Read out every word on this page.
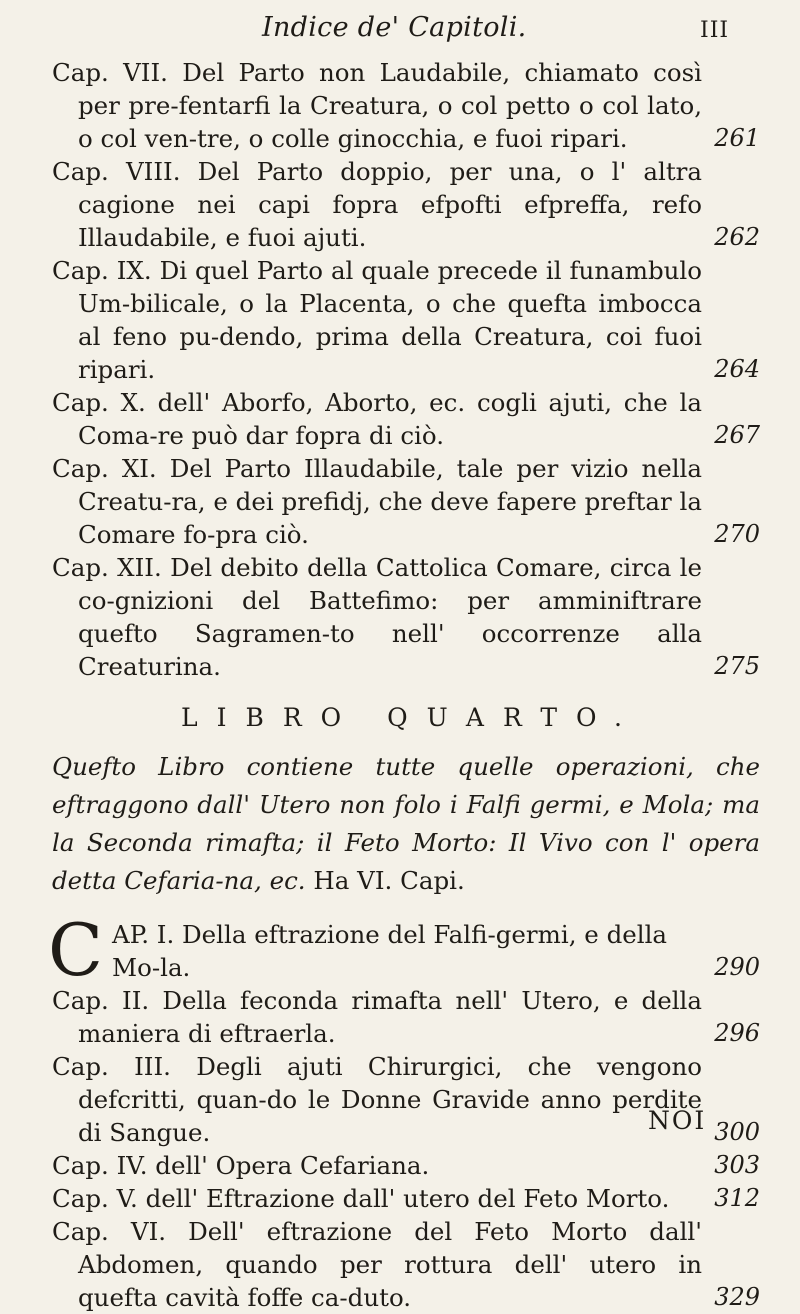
Indice de' Capitoli.	III

Cap. VII. Del Parto non Laudabile, chiamato così per pre-fentarfi la Creatura, o col petto o col lato, o col ven-tre, o colle ginocchia, e fuoi ripari.	261

Cap. VIII. Del Parto doppio, per una, o l' altra cagione nei capi fopra efpofti efpreffa, refo Illaudabile, e fuoi ajuti.	262

Cap. IX. Di quel Parto al quale precede il funambulo Um-bilicale, o la Placenta, o che quefta imbocca al feno pu-dendo, prima della Creatura, coi fuoi ripari.	264

Cap. X. dell' Aborfo, Aborto, ec. cogli ajuti, che la Coma-re può dar fopra di ciò.	267

Cap. XI. Del Parto Illaudabile, tale per vizio nella Creatu-ra, e dei prefidj, che deve fapere preftar la Comare fo-pra ciò.	270

Cap. XII. Del debito della Cattolica Comare, circa le co-gnizioni del Battefimo: per amminiftrare quefto Sagramen-to nell' occorrenze alla Creaturina.	275

LIBRO QUARTO.

Quefto Libro contiene tutte quelle operazioni, che eftraggono dall' Utero non folo i Falfi germi, e Mola; ma la Seconda rimafta; il Feto Morto: Il Vivo con l' opera detta Cefaria-na, ec. Ha VI. Capi.

C AP. I. Della eftrazione del Falfi-germi, e della Mo-la.	290

Cap. II. Della feconda rimafta nell' Utero, e della maniera di eftraerla.	296

Cap. III. Degli ajuti Chirurgici, che vengono defcritti, quan-do le Donne Gravide anno perdite di Sangue.	300

Cap. IV. dell' Opera Cefariana.	303

Cap. V. dell' Eftrazione dall' utero del Feto Morto. 312

Cap. VI. Dell' eftrazione del Feto Morto dall' Abdomen, quando per rottura dell' utero in quefta cavità foffe ca-duto.	329

NOI
